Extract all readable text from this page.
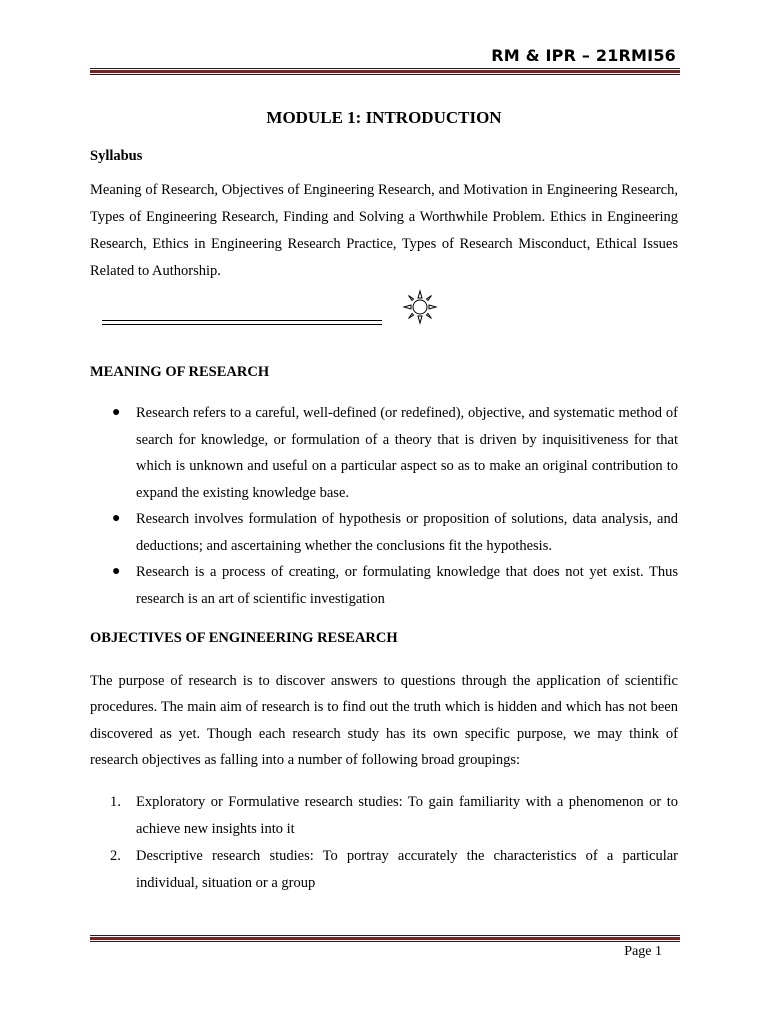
RM & IPR – 21RMI56
MODULE 1: INTRODUCTION
Syllabus
Meaning of Research, Objectives of Engineering Research, and Motivation in Engineering Research, Types of Engineering Research, Finding and Solving a Worthwhile Problem. Ethics in Engineering Research, Ethics in Engineering Research Practice, Types of Research Misconduct, Ethical Issues Related to Authorship.
MEANING OF RESEARCH
● Research refers to a careful, well-defined (or redefined), objective, and systematic method of search for knowledge, or formulation of a theory that is driven by inquisitiveness for that which is unknown and useful on a particular aspect so as to make an original contribution to expand the existing knowledge base.
● Research involves formulation of hypothesis or proposition of solutions, data analysis, and deductions; and ascertaining whether the conclusions fit the hypothesis.
● Research is a process of creating, or formulating knowledge that does not yet exist. Thus research is an art of scientific investigation
OBJECTIVES OF ENGINEERING RESEARCH
The purpose of research is to discover answers to questions through the application of scientific procedures. The main aim of research is to find out the truth which is hidden and which has not been discovered as yet. Though each research study has its own specific purpose, we may think of research objectives as falling into a number of following broad groupings:
1. Exploratory or Formulative research studies: To gain familiarity with a phenomenon or to achieve new insights into it
2. Descriptive research studies: To portray accurately the characteristics of a particular individual, situation or a group
Page 1
